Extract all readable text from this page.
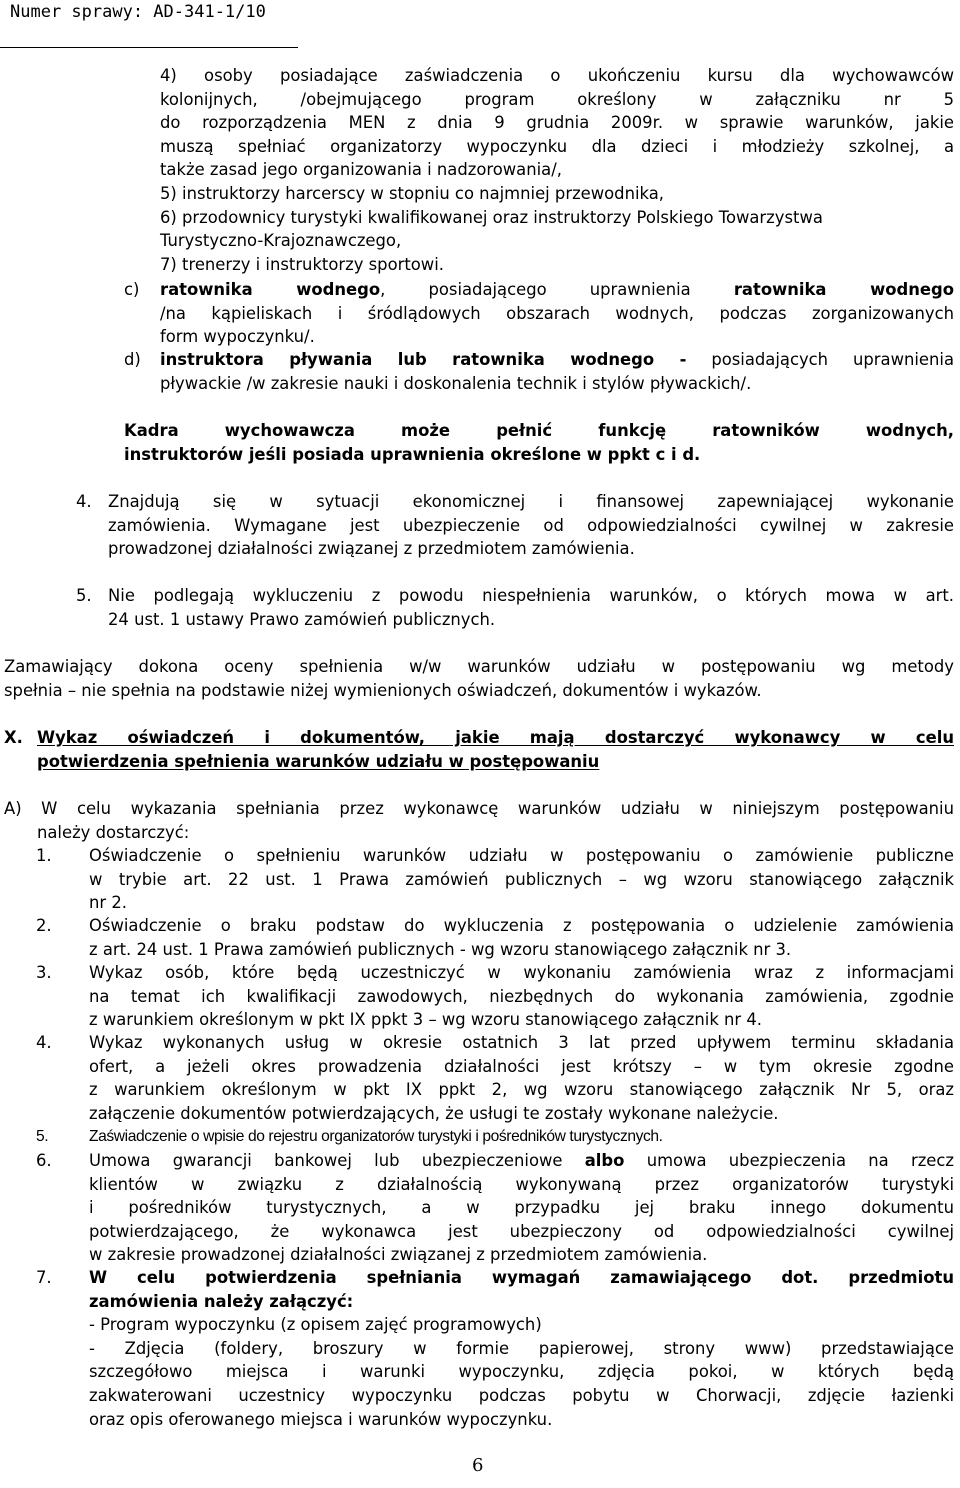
Numer sprawy: AD-341-1/10
4) osoby posiadające zaświadczenia o ukończeniu kursu dla wychowawców
kolonijnych, /obejmującego program określony w załączniku nr 5
do rozporządzenia MEN z dnia 9 grudnia 2009r. w sprawie warunków, jakie
muszą spełniać organizatorzy wypoczynku dla dzieci i młodzieży szkolnej, a
także zasad jego organizowania i nadzorowania/,
5) instruktorzy harcerscy w stopniu co najmniej przewodnika,
6) przodownicy turystyki kwalifikowanej oraz instruktorzy Polskiego Towarzystwa
Turystyczno-Krajoznawczego,
7) trenerzy i instruktorzy sportowi.
c) ratownika wodnego, posiadającego uprawnienia ratownika wodnego
/na kąpieliskach i śródlądowych obszarach wodnych, podczas zorganizowanych
form wypoczynku/.
d) instruktora pływania lub ratownika wodnego - posiadających uprawnienia
pływackie /w zakresie nauki i doskonalenia technik i stylów pływackich/.
Kadra wychowawcza może pełnić funkcję ratowników wodnych,
instruktorów jeśli posiada uprawnienia określone w ppkt c i d.
4. Znajdują się w sytuacji ekonomicznej i finansowej zapewniającej wykonanie
zamówienia. Wymagane jest ubezpieczenie od odpowiedzialności cywilnej w zakresie
prowadzonej działalności związanej z przedmiotem zamówienia.
5. Nie podlegają wykluczeniu z powodu niespełnienia warunków, o których mowa w art.
24 ust. 1 ustawy Prawo zamówień publicznych.
Zamawiający dokona oceny spełnienia w/w warunków udziału w postępowaniu wg metody
spełnia – nie spełnia na podstawie niżej wymienionych oświadczeń, dokumentów i wykazów.
X. Wykaz oświadczeń i dokumentów, jakie mają dostarczyć wykonawcy w celu
potwierdzenia spełnienia warunków udziału w postępowaniu
A) W celu wykazania spełniania przez wykonawcę warunków udziału w niniejszym postępowaniu
należy dostarczyć:
1. Oświadczenie o spełnieniu warunków udziału w postępowaniu o zamówienie publiczne
w trybie art. 22 ust. 1 Prawa zamówień publicznych – wg wzoru stanowiącego załącznik
nr 2.
2. Oświadczenie o braku podstaw do wykluczenia z postępowania o udzielenie zamówienia
z art. 24 ust. 1 Prawa zamówień publicznych - wg wzoru stanowiącego załącznik nr 3.
3. Wykaz osób, które będą uczestniczyć w wykonaniu zamówienia wraz z informacjami
na temat ich kwalifikacji zawodowych, niezbędnych do wykonania zamówienia, zgodnie
z warunkiem określonym w pkt IX ppkt 3 – wg wzoru stanowiącego załącznik nr 4.
4. Wykaz wykonanych usług w okresie ostatnich 3 lat przed upływem terminu składania
ofert, a jeżeli okres prowadzenia działalności jest krótszy – w tym okresie zgodne
z warunkiem określonym w pkt IX ppkt 2, wg wzoru stanowiącego załącznik Nr 5, oraz
załączenie dokumentów potwierdzających, że usługi te zostały wykonane należycie.
5.	Zaświadczenie o wpisie do rejestru organizatorów turystyki i pośredników turystycznych.
6. Umowa gwarancji bankowej lub ubezpieczeniowe albo umowa ubezpieczenia na rzecz
klientów w związku z działalnością wykonywaną przez organizatorów turystyki
i pośredników turystycznych, a w przypadku jej braku innego dokumentu
potwierdzającego, że wykonawca jest ubezpieczony od odpowiedzialności cywilnej
w zakresie prowadzonej działalności związanej z przedmiotem zamówienia.
7. W celu potwierdzenia spełniania wymagań zamawiającego dot. przedmiotu
zamówienia należy załączyć:
- Program wypoczynku (z opisem zajęć programowych)
- Zdjęcia (foldery, broszury w formie papierowej, strony www) przedstawiające
szczegółowo miejsca i warunki wypoczynku, zdjęcia pokoi, w których będą
zakwaterowani uczestnicy wypoczynku podczas pobytu w Chorwacji, zdjęcie łazienki
oraz opis oferowanego miejsca i warunków wypoczynku.
6
